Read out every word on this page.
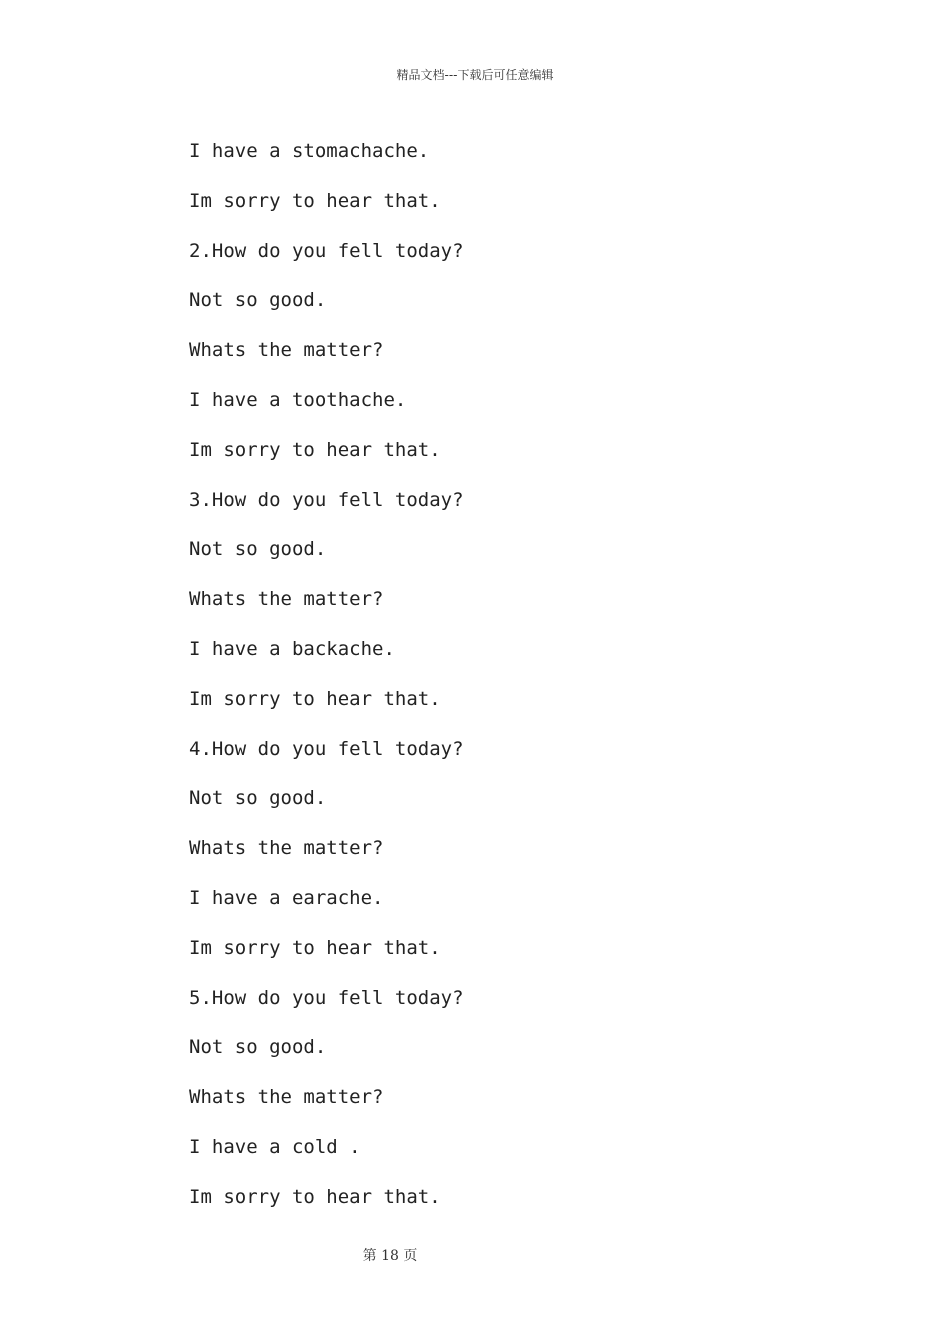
精品文档---下载后可任意编辑
I have a stomachache.
Im sorry to hear that.
2.How do you fell today?
Not so good.
Whats the matter?
I have a toothache.
Im sorry to hear that.
3.How do you fell today?
Not so good.
Whats the matter?
I have a backache.
Im sorry to hear that.
4.How do you fell today?
Not so good.
Whats the matter?
I have a earache.
Im sorry to hear that.
5.How do you fell today?
Not so good.
Whats the matter?
I have a cold .
Im sorry to hear that.
第 18 页
